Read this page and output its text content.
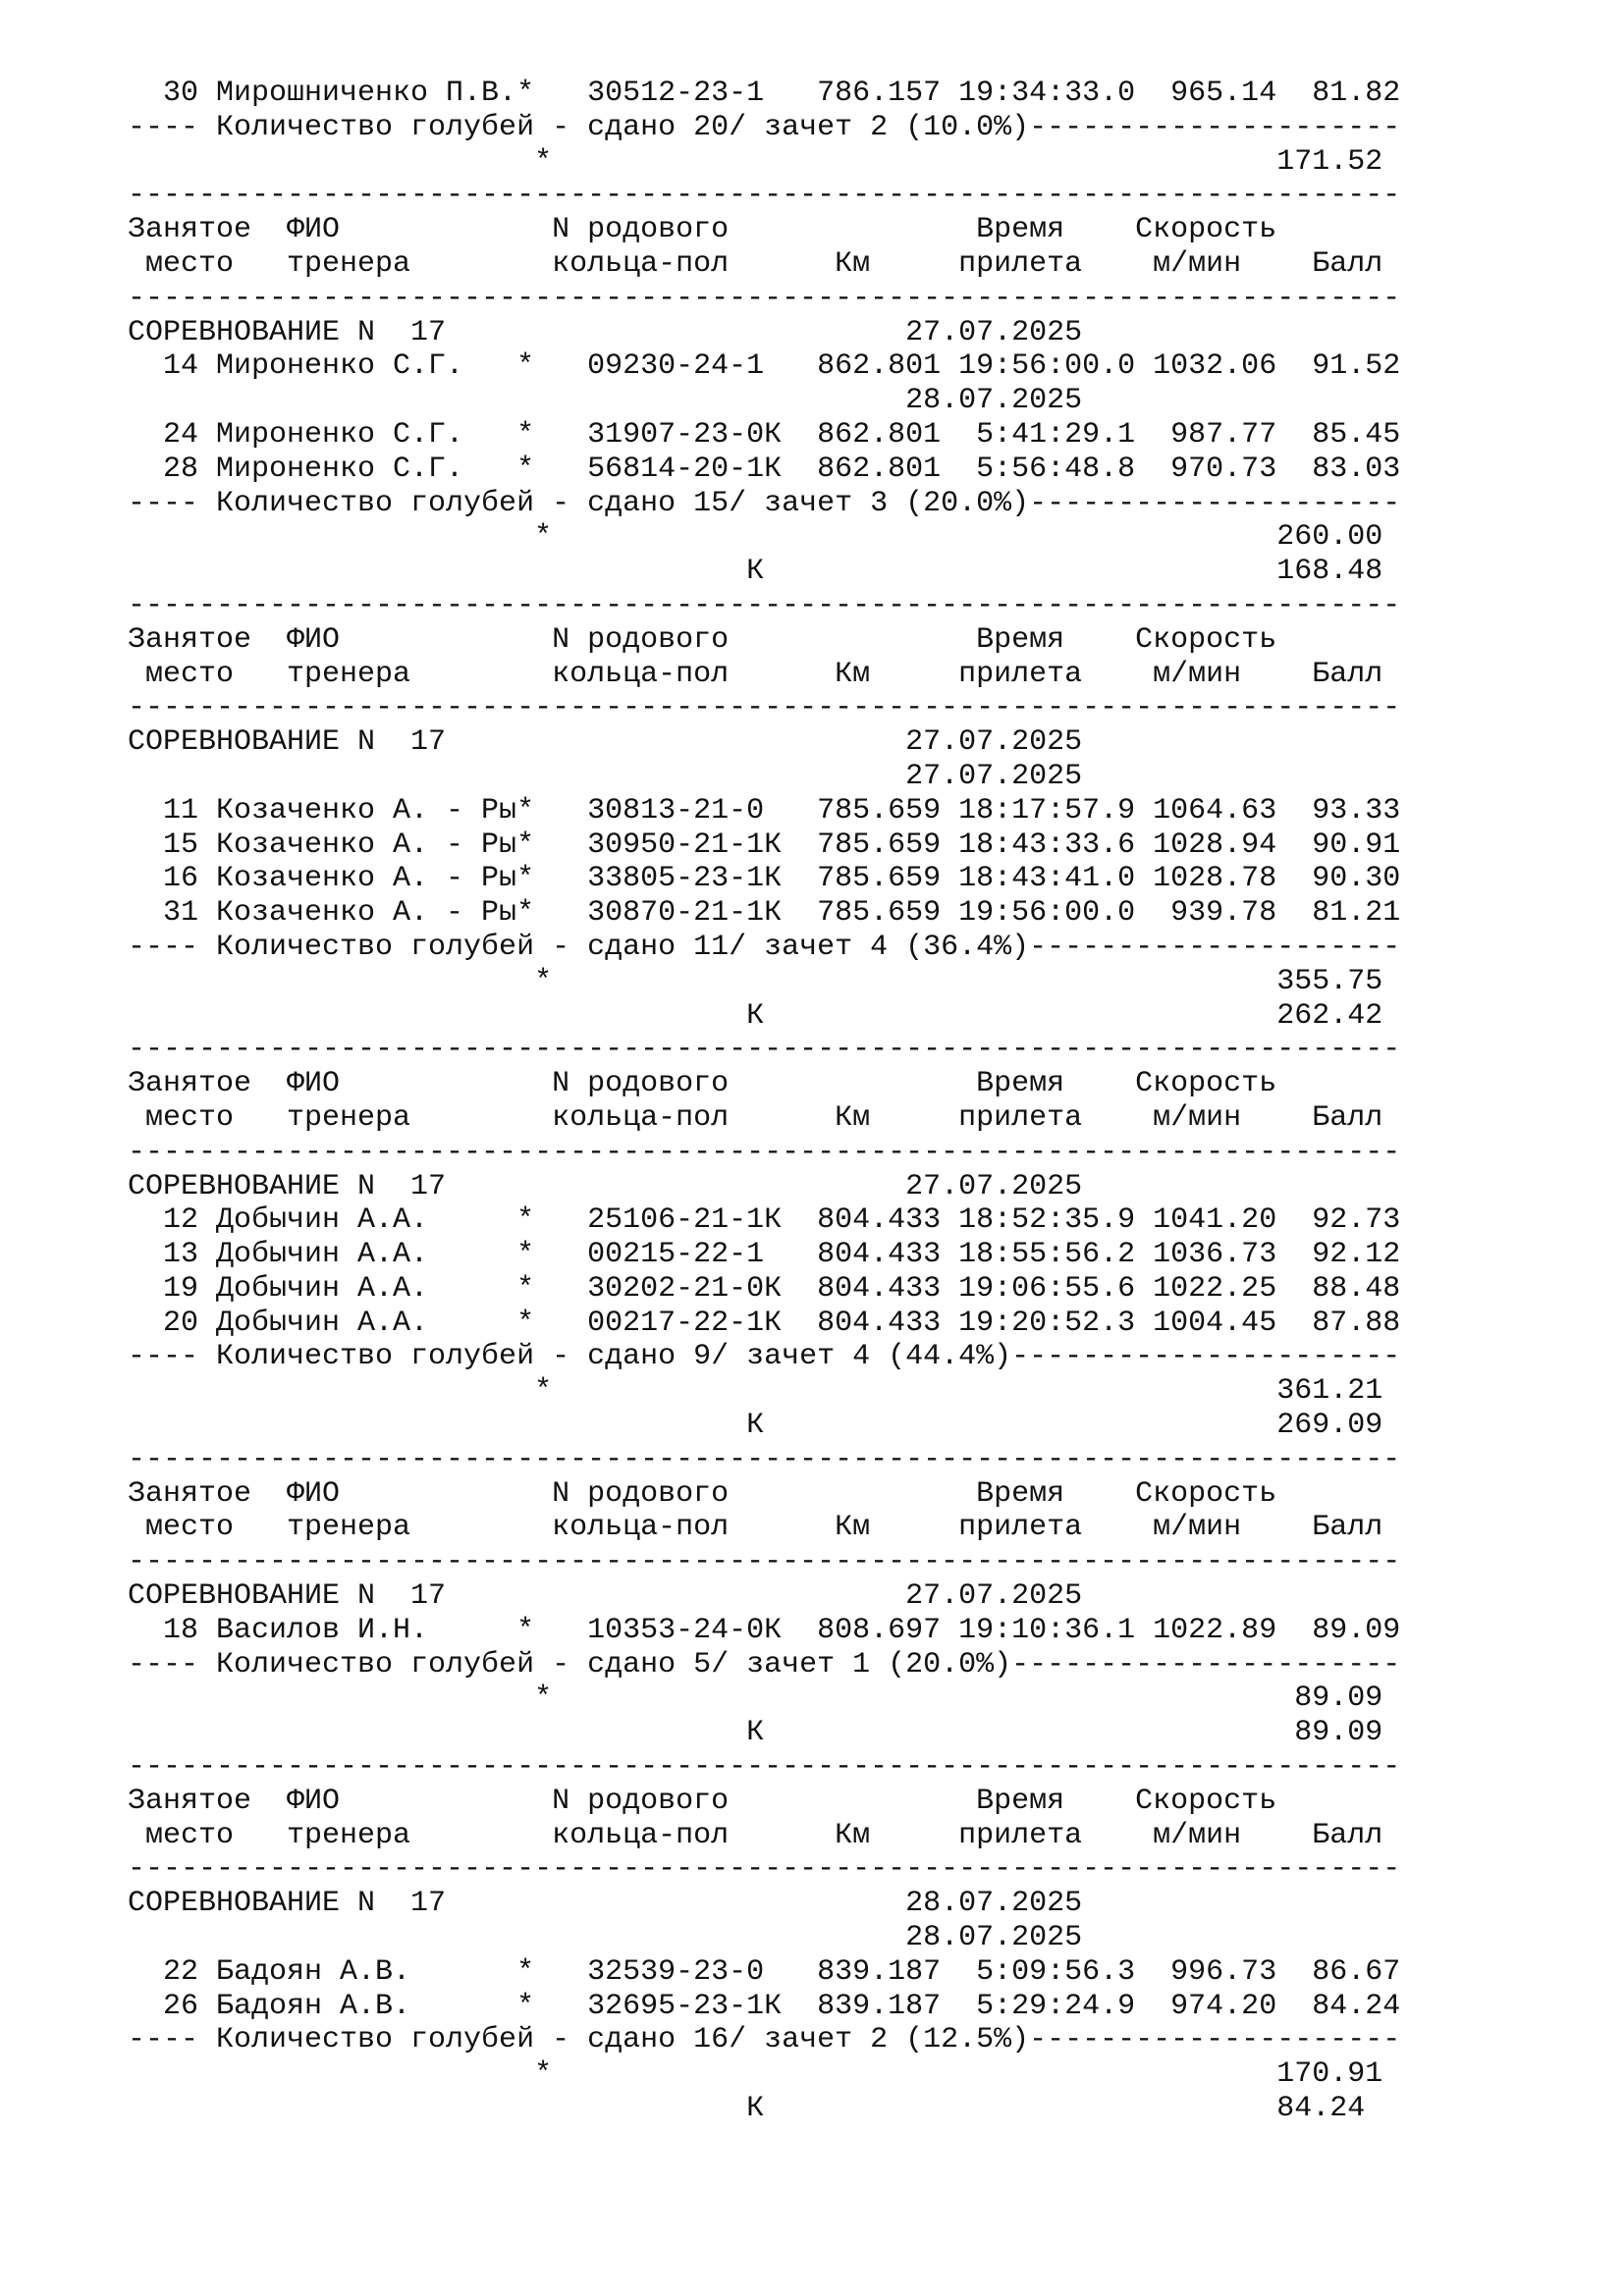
30 Мирошниченко П.В.*   30512-23-1   786.157 19:34:33.0  965.14  81.82
---- Количество голубей - сдано 20/ зачет 2 (10.0%)---------------------
*                                         171.52
------------------------------------------------------------------------
Занятое  ФИО            N родового              Время    Скорость
место   тренера        кольца-пол      Км     прилета    м/мин    Балл
------------------------------------------------------------------------
СОРЕВНОВАНИЕ N  17                          27.07.2025
14 Мироненко С.Г.   *   09230-24-1   862.801 19:56:00.0 1032.06  91.52
28.07.2025
24 Мироненко С.Г.   *   31907-23-0К  862.801  5:41:29.1  987.77  85.45
28 Мироненко С.Г.   *   56814-20-1К  862.801  5:56:48.8  970.73  83.03
---- Количество голубей - сдано 15/ зачет 3 (20.0%)---------------------
*                                         260.00
К                             168.48
------------------------------------------------------------------------
Занятое  ФИО            N родового              Время    Скорость
место   тренера        кольца-пол      Км     прилета    м/мин    Балл
------------------------------------------------------------------------
СОРЕВНОВАНИЕ N  17                          27.07.2025
27.07.2025
11 Козаченко А. - Ры*   30813-21-0   785.659 18:17:57.9 1064.63  93.33
15 Козаченко А. - Ры*   30950-21-1К  785.659 18:43:33.6 1028.94  90.91
16 Козаченко А. - Ры*   33805-23-1К  785.659 18:43:41.0 1028.78  90.30
31 Козаченко А. - Ры*   30870-21-1К  785.659 19:56:00.0  939.78  81.21
---- Количество голубей - сдано 11/ зачет 4 (36.4%)---------------------
*                                         355.75
К                             262.42
------------------------------------------------------------------------
Занятое  ФИО            N родового              Время    Скорость
место   тренера        кольца-пол      Км     прилета    м/мин    Балл
------------------------------------------------------------------------
СОРЕВНОВАНИЕ N  17                          27.07.2025
12 Добычин А.А.     *   25106-21-1К  804.433 18:52:35.9 1041.20  92.73
13 Добычин А.А.     *   00215-22-1   804.433 18:55:56.2 1036.73  92.12
19 Добычин А.А.     *   30202-21-0К  804.433 19:06:55.6 1022.25  88.48
20 Добычин А.А.     *   00217-22-1К  804.433 19:20:52.3 1004.45  87.88
---- Количество голубей - сдано 9/ зачет 4 (44.4%)----------------------
*                                         361.21
К                             269.09
------------------------------------------------------------------------
Занятое  ФИО            N родового              Время    Скорость
место   тренера        кольца-пол      Км     прилета    м/мин    Балл
------------------------------------------------------------------------
СОРЕВНОВАНИЕ N  17                          27.07.2025
18 Василов И.Н.     *   10353-24-0К  808.697 19:10:36.1 1022.89  89.09
---- Количество голубей - сдано 5/ зачет 1 (20.0%)----------------------
*                                          89.09
К                              89.09
------------------------------------------------------------------------
Занятое  ФИО            N родового              Время    Скорость
место   тренера        кольца-пол      Км     прилета    м/мин    Балл
------------------------------------------------------------------------
СОРЕВНОВАНИЕ N  17                          28.07.2025
28.07.2025
22 Бадоян А.В.      *   32539-23-0   839.187  5:09:56.3  996.73  86.67
26 Бадоян А.В.      *   32695-23-1К  839.187  5:29:24.9  974.20  84.24
---- Количество голубей - сдано 16/ зачет 2 (12.5%)---------------------
*                                         170.91
К                             84.24
